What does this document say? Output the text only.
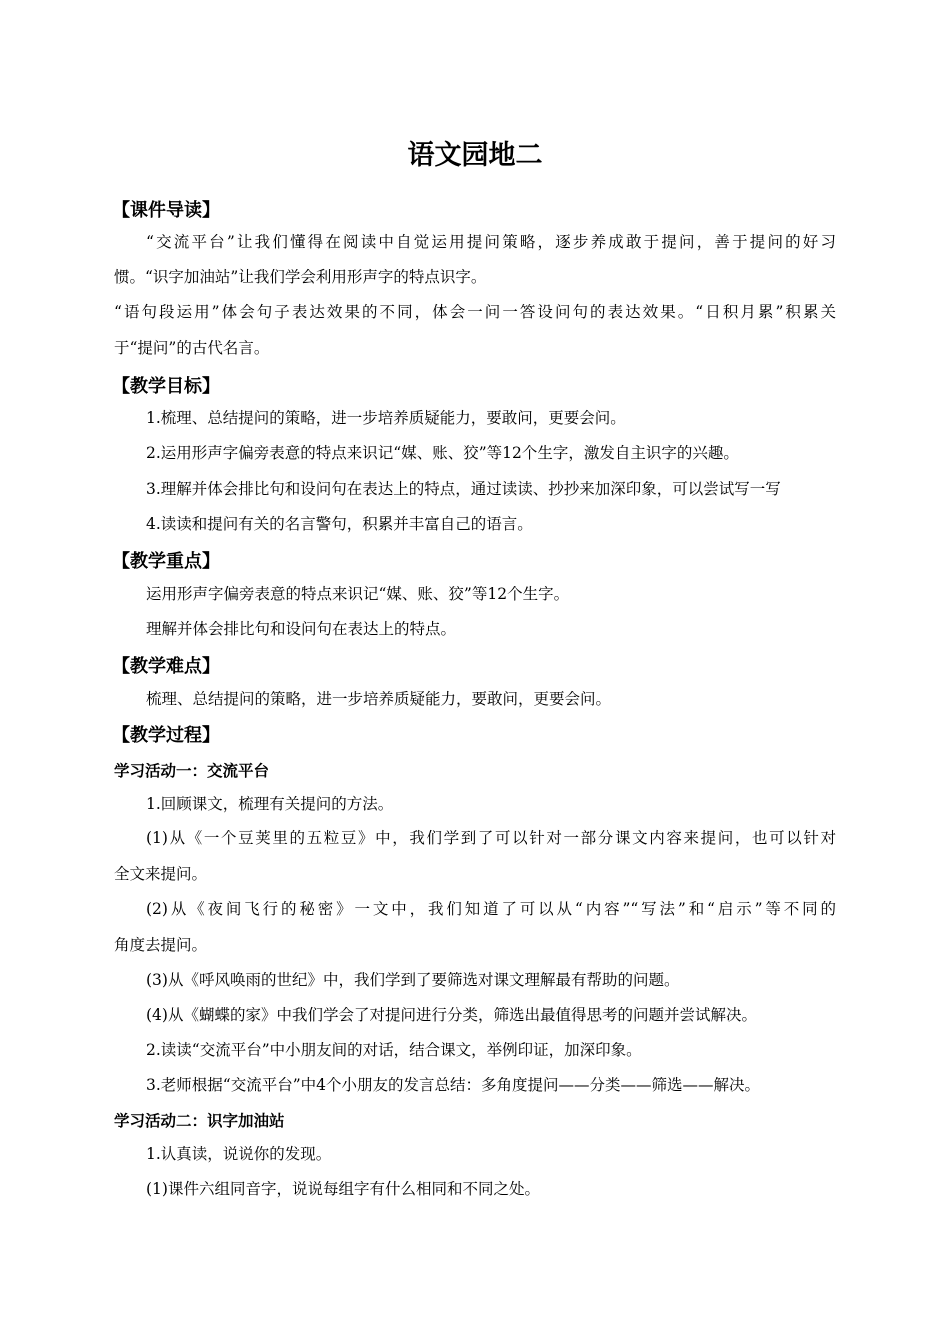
语文园地二
【课件导读】
“交流平台”让我们懂得在阅读中自觉运用提问策略，逐步养成敢于提问，善于提问的好习
惯。“识字加油站”让我们学会利用形声字的特点识字。
“语句段运用”体会句子表达效果的不同，体会一问一答设问句的表达效果。“日积月累”积累关
于“提问”的古代名言。
【教学目标】
1.梳理、总结提问的策略，进一步培养质疑能力，要敢问，更要会问。
2.运用形声字偏旁表意的特点来识记“媒、账、狡”等12个生字，激发自主识字的兴趣。
3.理解并体会排比句和设问句在表达上的特点，通过读读、抄抄来加深印象，可以尝试写一写
4.读读和提问有关的名言警句，积累并丰富自己的语言。
【教学重点】
运用形声字偏旁表意的特点来识记“媒、账、狡”等12个生字。
理解并体会排比句和设问句在表达上的特点。
【教学难点】
梳理、总结提问的策略，进一步培养质疑能力，要敢问，更要会问。
【教学过程】
学习活动一：交流平台
1.回顾课文，梳理有关提问的方法。
(1)从《一个豆荚里的五粒豆》中，我们学到了可以针对一部分课文内容来提问，也可以针对
全文来提问。
(2)从《夜间飞行的秘密》一文中，我们知道了可以从“内容”“写法”和“启示”等不同的
角度去提问。
(3)从《呼风唤雨的世纪》中，我们学到了要筛选对课文理解最有帮助的问题。
(4)从《蝴蝶的家》中我们学会了对提问进行分类，筛选出最值得思考的问题并尝试解决。
2.读读“交流平台”中小朋友间的对话，结合课文，举例印证，加深印象。
3.老师根据“交流平台”中4个小朋友的发言总结：多角度提问——分类——筛选——解决。
学习活动二：识字加油站
1.认真读，说说你的发现。
(1)课件六组同音字，说说每组字有什么相同和不同之处。
